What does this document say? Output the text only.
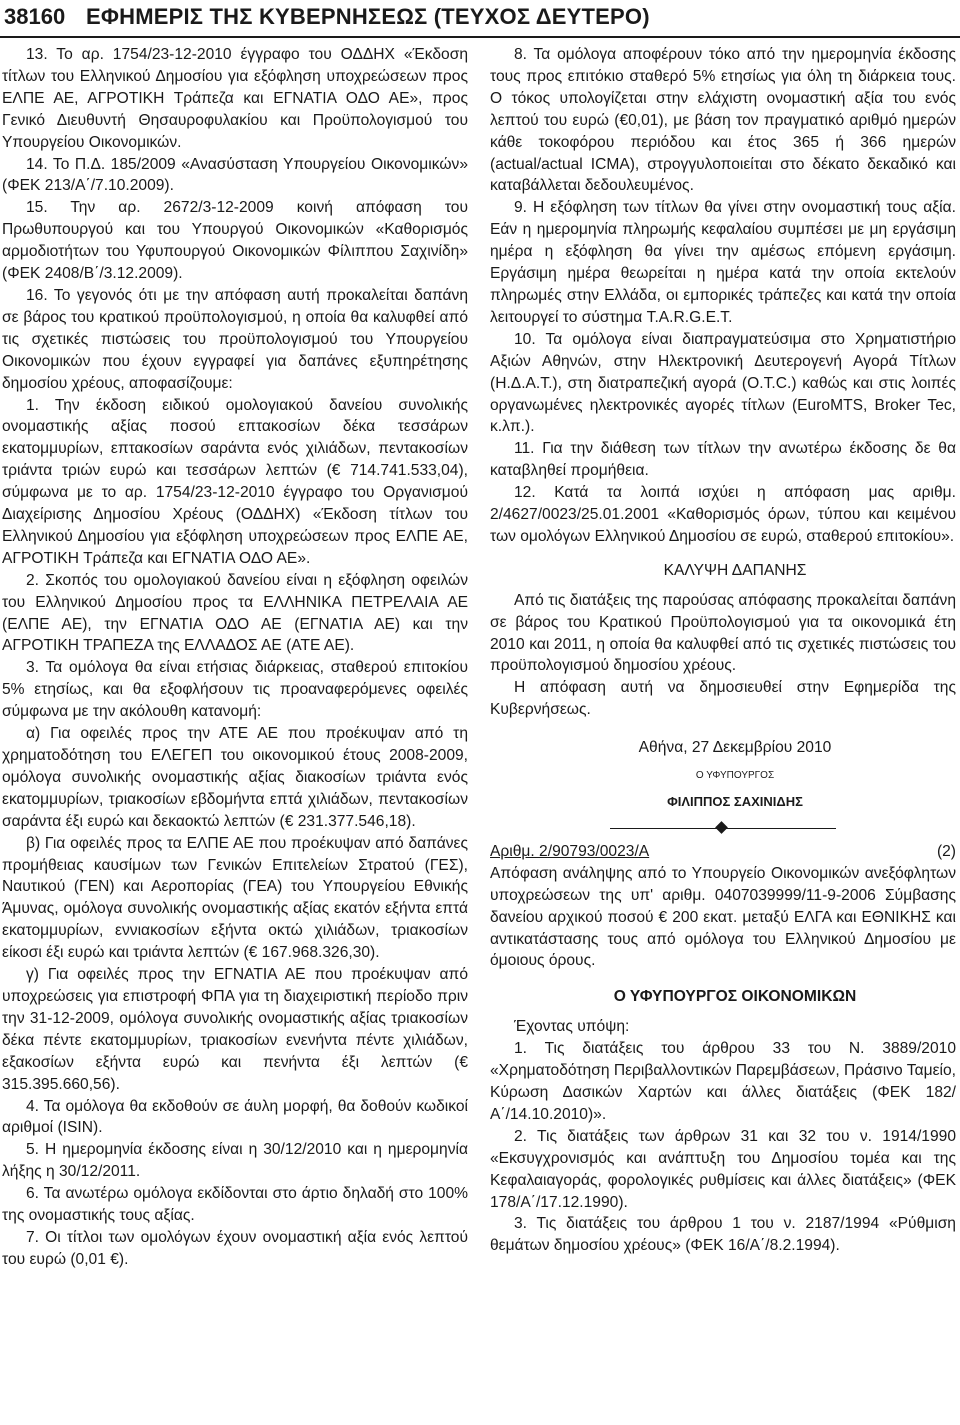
38160 ΕΦΗΜΕΡΙΣ ΤΗΣ ΚΥΒΕΡΝΗΣΕΩΣ (ΤΕΥΧΟΣ ΔΕΥΤΕΡΟ)

13. Το αρ. 1754/23-12-2010 έγγραφο του ΟΔΔΗΧ «Έκδοση τίτλων του Ελληνικού Δημοσίου για εξόφληση υποχρεώσεων προς ΕΛΠΕ ΑΕ, ΑΓΡΟΤΙΚΗ Τράπεζα και ΕΓΝΑΤΙΑ ΟΔΟ ΑΕ», προς Γενικό Διευθυντή Θησαυροφυλακίου και Προϋπολογισμού του Υπουργείου Οικονομικών.

14. Το Π.Δ. 185/2009 «Ανασύσταση Υπουργείου Οικονομικών» (ΦΕΚ 213/Α΄/7.10.2009).

15. Την αρ. 2672/3-12-2009 κοινή απόφαση του Πρωθυπουργού και του Υπουργού Οικονομικών «Καθορισμός αρμοδιοτήτων του Υφυπουργού Οικονομικών Φίλιππου Σαχινίδη» (ΦΕΚ 2408/Β΄/3.12.2009).

16. Το γεγονός ότι με την απόφαση αυτή προκαλείται δαπάνη σε βάρος του κρατικού προϋπολογισμού, η οποία θα καλυφθεί από τις σχετικές πιστώσεις του προϋπολογισμού του Υπουργείου Οικονομικών που έχουν εγγραφεί για δαπάνες εξυπηρέτησης δημοσίου χρέους, αποφασίζουμε:

1. Την έκδοση ειδικού ομολογιακού δανείου συνολικής ονομαστικής αξίας ποσού επτακοσίων δέκα τεσσάρων εκατομμυρίων, επτακοσίων σαράντα ενός χιλιάδων, πεντακοσίων τριάντα τριών ευρώ και τεσσάρων λεπτών (€ 714.741.533,04), σύμφωνα με το αρ. 1754/23-12-2010 έγγραφο του Οργανισμού Διαχείρισης Δημοσίου Χρέους (ΟΔΔΗΧ) «Έκδοση τίτλων του Ελληνικού Δημοσίου για εξόφληση υποχρεώσεων προς ΕΛΠΕ ΑΕ, ΑΓΡΟΤΙΚΗ Τράπεζα και ΕΓΝΑΤΙΑ ΟΔΟ ΑΕ».

2. Σκοπός του ομολογιακού δανείου είναι η εξόφληση οφειλών του Ελληνικού Δημοσίου προς τα ΕΛΛΗΝΙΚΑ ΠΕΤΡΕΛΑΙΑ ΑΕ (ΕΛΠΕ ΑΕ), την ΕΓΝΑΤΙΑ ΟΔΟ ΑΕ (ΕΓΝΑΤΙΑ ΑΕ) και την ΑΓΡΟΤΙΚΗ ΤΡΑΠΕΖΑ της ΕΛΛΑΔΟΣ ΑΕ (ΑΤΕ ΑΕ).

3. Τα ομόλογα θα είναι ετήσιας διάρκειας, σταθερού επιτοκίου 5% ετησίως, και θα εξοφλήσουν τις προαναφερόμενες οφειλές σύμφωνα με την ακόλουθη κατανομή:

α) Για οφειλές προς την ΑΤΕ ΑΕ που προέκυψαν από τη χρηματοδότηση του ΕΛΕΓΕΠ του οικονομικού έτους 2008-2009, ομόλογα συνολικής ονομαστικής αξίας διακοσίων τριάντα ενός εκατομμυρίων, τριακοσίων εβδομήντα επτά χιλιάδων, πεντακοσίων σαράντα έξι ευρώ και δεκαοκτώ λεπτών (€ 231.377.546,18).

β) Για οφειλές προς τα ΕΛΠΕ ΑΕ που προέκυψαν από δαπάνες προμήθειας καυσίμων των Γενικών Επιτελείων Στρατού (ΓΕΣ), Ναυτικού (ΓΕΝ) και Αεροπορίας (ΓΕΑ) του Υπουργείου Εθνικής Άμυνας, ομόλογα συνολικής ονομαστικής αξίας εκατόν εξήντα επτά εκατομμυρίων, εννιακοσίων εξήντα οκτώ χιλιάδων, τριακοσίων είκοσι έξι ευρώ και τριάντα λεπτών (€ 167.968.326,30).

γ) Για οφειλές προς την ΕΓΝΑΤΙΑ ΑΕ που προέκυψαν από υποχρεώσεις για επιστροφή ΦΠΑ για τη διαχειριστική περίοδο πριν την 31-12-2009, ομόλογα συνολικής ονομαστικής αξίας τριακοσίων δέκα πέντε εκατομμυρίων, τριακοσίων ενενήντα πέντε χιλιάδων, εξακοσίων εξήντα ευρώ και πενήντα έξι λεπτών (€ 315.395.660,56).

4. Τα ομόλογα θα εκδοθούν σε άυλη μορφή, θα δοθούν κωδικοί αριθμοί (ISIN).

5. Η ημερομηνία έκδοσης είναι η 30/12/2010 και η ημερομηνία λήξης η 30/12/2011.

6. Τα ανωτέρω ομόλογα εκδίδονται στο άρτιο δηλαδή στο 100% της ονομαστικής τους αξίας.

7. Οι τίτλοι των ομολόγων έχουν ονομαστική αξία ενός λεπτού του ευρώ (0,01 €).

8. Τα ομόλογα αποφέρουν τόκο από την ημερομηνία έκδοσης τους προς επιτόκιο σταθερό 5% ετησίως για όλη τη διάρκεια τους. Ο τόκος υπολογίζεται στην ελάχιστη ονομαστική αξία του ενός λεπτού του ευρώ (€0,01), με βάση τον πραγματικό αριθμό ημερών κάθε τοκοφόρου περιόδου και έτος 365 ή 366 ημερών (actual/actual ICMA), στρογγυλοποιείται στο δέκατο δεκαδικό και καταβάλλεται δεδουλευμένος.

9. Η εξόφληση των τίτλων θα γίνει στην ονομαστική τους αξία. Εάν η ημερομηνία πληρωμής κεφαλαίου συμπέσει με μη εργάσιμη ημέρα η εξόφληση θα γίνει την αμέσως επόμενη εργάσιμη. Εργάσιμη ημέρα θεωρείται η ημέρα κατά την οποία εκτελούν πληρωμές στην Ελλάδα, οι εμπορικές τράπεζες και κατά την οποία λειτουργεί το σύστημα T.A.R.G.E.T.

10. Τα ομόλογα είναι διαπραγματεύσιμα στο Χρηματιστήριο Αξιών Αθηνών, στην Ηλεκτρονική Δευτερογενή Αγορά Τίτλων (Η.Δ.Α.Τ.), στη διατραπεζική αγορά (Ο.Τ.C.) καθώς και στις λοιπές οργανωμένες ηλεκτρονικές αγορές τίτλων (EuroMTS, Broker Tec, κ.λπ.).

11. Για την διάθεση των τίτλων την ανωτέρω έκδοσης δε θα καταβληθεί προμήθεια.

12. Κατά τα λοιπά ισχύει η απόφαση μας αριθμ. 2/4627/0023/25.01.2001 «Καθορισμός όρων, τύπου και κειμένου των ομολόγων Ελληνικού Δημοσίου σε ευρώ, σταθερού επιτοκίου».

ΚΑΛΥΨΗ ΔΑΠΑΝΗΣ

Από τις διατάξεις της παρούσας απόφασης προκαλείται δαπάνη σε βάρος του Κρατικού Προϋπολογισμού για τα οικονομικά έτη 2010 και 2011, η οποία θα καλυφθεί από τις σχετικές πιστώσεις του προϋπολογισμού δημοσίου χρέους.

Η απόφαση αυτή να δημοσιευθεί στην Εφημερίδα της Κυβερνήσεως.

Αθήνα, 27 Δεκεμβρίου 2010

Ο ΥΦΥΠΟΥΡΓΟΣ

ΦΙΛΙΠΠΟΣ ΣΑΧΙΝΙΔΗΣ

Αριθμ. 2/90793/0023/Α	(2)

Απόφαση ανάληψης από το Υπουργείο Οικονομικών ανεξόφλητων υποχρεώσεων της υπ' αριθμ. 0407039999/11-9-2006 Σύμβασης δανείου αρχικού ποσού € 200 εκατ. μεταξύ ΕΛΓΑ και ΕΘΝΙΚΗΣ και αντικατάστασης τους από ομόλογα του Ελληνικού Δημοσίου με όμοιους όρους.

Ο ΥΦΥΠΟΥΡΓΟΣ ΟΙΚΟΝΟΜΙΚΩΝ

Έχοντας υπόψη:

1. Τις διατάξεις του άρθρου 33 του Ν. 3889/2010 «Χρηματοδότηση Περιβαλλοντικών Παρεμβάσεων, Πράσινο Ταμείο, Κύρωση Δασικών Χαρτών και άλλες διατάξεις (ΦΕΚ 182/Α΄/14.10.2010)».

2. Τις διατάξεις των άρθρων 31 και 32 του ν. 1914/1990 «Εκσυγχρονισμός και ανάπτυξη του Δημοσίου τομέα και της Κεφαλαιαγοράς, φορολογικές ρυθμίσεις και άλλες διατάξεις» (ΦΕΚ 178/Α΄/17.12.1990).

3. Τις διατάξεις του άρθρου 1 του ν. 2187/1994 «Ρύθμιση θεμάτων δημοσίου χρέους» (ΦΕΚ 16/Α΄/8.2.1994).
